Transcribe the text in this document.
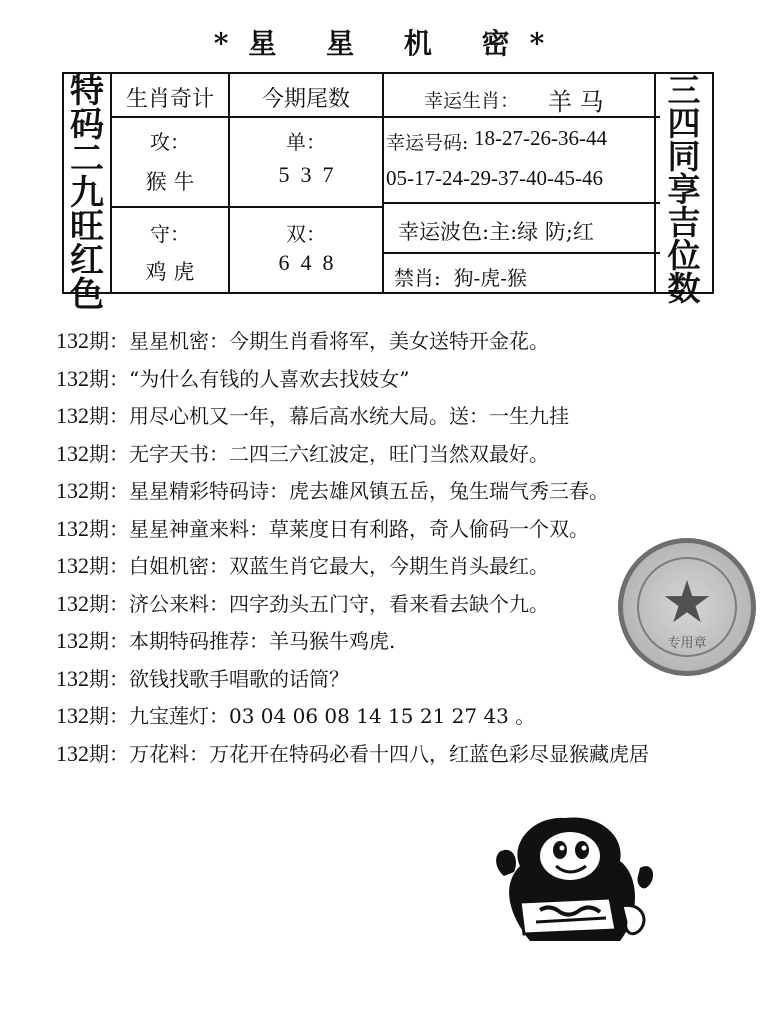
*星 星 机 密*
特
码
二
九
旺
红
色
三
四
同
享
吉
位
数
生肖奇计	今期尾数	幸运生肖： 羊 马
攻：
猴 牛
单：
5  3  7
幸运号码: 18-27-26-36-44
05-17-24-29-37-40-45-46
守：
鸡 虎
双：
6  4  8
幸运波色:主:绿 防;红
禁肖:  狗-虎-猴
132期：星星机密：今期生肖看将军，美女送特开金花。
132期：“为什么有钱的人喜欢去找妓女”
132期：用尽心机又一年，幕后高水统大局。送：一生九挂
132期：无字天书：二四三六红波定，旺门当然双最好。
132期：星星精彩特码诗：虎去雄风镇五岳，兔生瑞气秀三春。
132期：星星神童来料：草莱度日有利路，奇人偷码一个双。
132期：白姐机密：双蓝生肖它最大，今期生肖头最红。
132期：济公来料：四字劲头五门守，看来看去缺个九。
132期：本期特码推荐：羊马猴牛鸡虎.
132期：欲钱找歌手唱歌的话筒？
132期：九宝莲灯：03 04 06 08 14 15 21 27 43 。
132期：万花料：万花开在特码必看十四八，红蓝色彩尽显猴藏虎居
★
专用章
